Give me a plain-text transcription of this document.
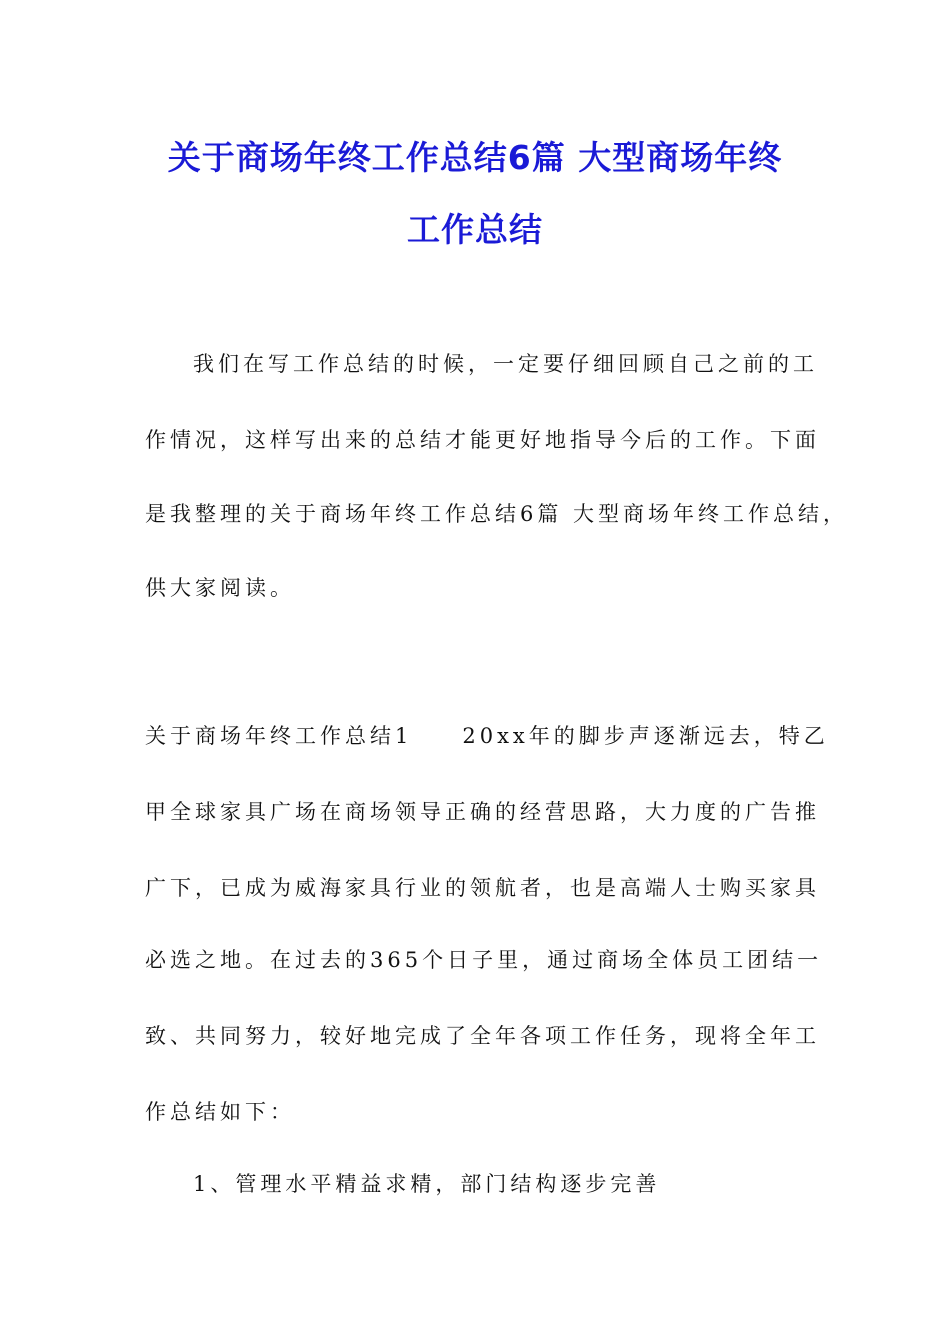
关于商场年终工作总结6篇 大型商场年终
工作总结
我们在写工作总结的时候，一定要仔细回顾自己之前的工
作情况，这样写出来的总结才能更好地指导今后的工作。下面
是我整理的关于商场年终工作总结6篇 大型商场年终工作总结，
供大家阅读。
关于商场年终工作总结1　　20xx年的脚步声逐渐远去，特乙
甲全球家具广场在商场领导正确的经营思路，大力度的广告推
广下，已成为威海家具行业的领航者，也是高端人士购买家具
必选之地。在过去的365个日子里，通过商场全体员工团结一
致、共同努力，较好地完成了全年各项工作任务，现将全年工
作总结如下：
1、管理水平精益求精，部门结构逐步完善
